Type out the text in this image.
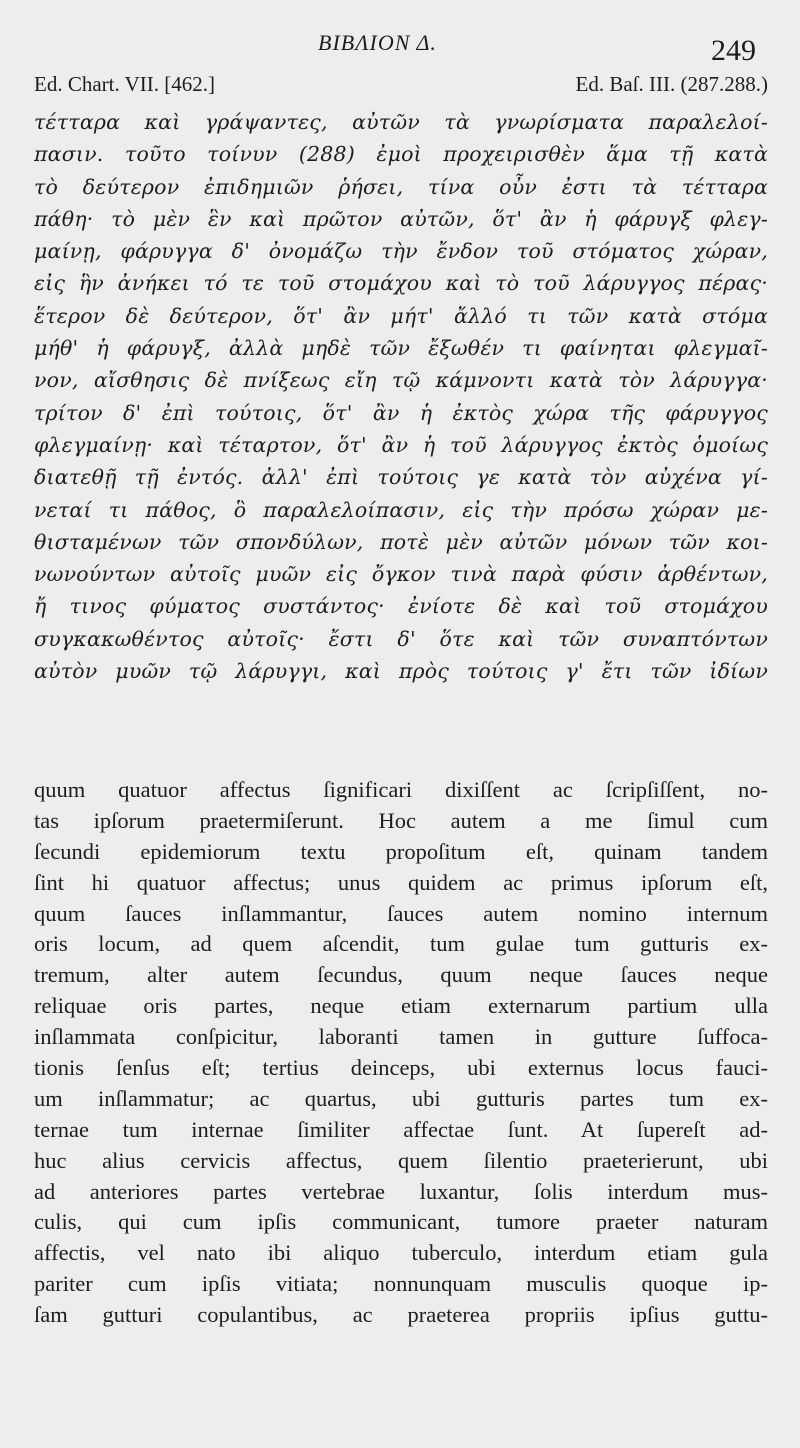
BIBΛΙΟΝ Δ.	249
Ed. Chart. VII. [462.]	Ed. Baſ. III. (287.288.)
τέτταρα καὶ γράψαντες, αὐτῶν τὰ γνωρίσματα παραλελοί-
πασιν. τοῦτο τοίνυν (288) ἐμοὶ προχειρισθὲν ἅμα τῇ κατὰ
τὸ δεύτερον ἐπιδημιῶν ῥήσει, τίνα οὖν ἐστι τὰ τέτταρα
πάθη· τὸ μὲν ἓν καὶ πρῶτον αὐτῶν, ὅτ' ἂν ἡ φάρυγξ φλεγ-
μαίνῃ, φάρυγγα δ' ὀνομάζω τὴν ἔνδον τοῦ στόματος χώραν,
εἰς ἣν ἀνήκει τό τε τοῦ στομάχου καὶ τὸ τοῦ λάρυγγος πέρας·
ἕτερον δὲ δεύτερον, ὅτ' ἂν μήτ' ἄλλό τι τῶν κατὰ στόμα
μήθ' ἡ φάρυγξ, ἀλλὰ μηδὲ τῶν ἔξωθέν τι φαίνηται φλεγμαῖ-
νον, αἴσθησις δὲ πνίξεως εἴη τῷ κάμνοντι κατὰ τὸν λάρυγγα·
τρίτον δ' ἐπὶ τούτοις, ὅτ' ἂν ἡ ἐκτὸς χώρα τῆς φάρυγγος
φλεγμαίνῃ· καὶ τέταρτον, ὅτ' ἂν ἡ τοῦ λάρυγγος ἐκτὸς ὁμοίως
διατεθῇ τῇ ἐντός. ἀλλ' ἐπὶ τούτοις γε κατὰ τὸν αὐχένα γί-
νεταί τι πάθος, ὃ παραλελοίπασιν, εἰς τὴν πρόσω χώραν με-
θισταμένων τῶν σπονδύλων, ποτὲ μὲν αὐτῶν μόνων τῶν κοι-
νωνούντων αὐτοῖς μυῶν εἰς ὄγκον τινὰ παρὰ φύσιν ἀρθέντων,
ἤ τινος φύματος συστάντος· ἐνίοτε δὲ καὶ τοῦ στομάχου
συγκακωθέντος αὐτοῖς· ἔστι δ' ὅτε καὶ τῶν συναπτόντων
αὐτὸν μυῶν τῷ λάρυγγι, καὶ πρὸς τούτοις γ' ἔτι τῶν ἰδίων
quum quatuor affectus ſignificari dixiſſent ac ſcripſiſſent, no-
tas ipſorum praetermiſerunt. Hoc autem a me ſimul cum
ſecundi epidemiorum textu propoſitum eſt, quinam tandem
ſint hi quatuor affectus; unus quidem ac primus ipſorum eſt,
quum ſauces inſlammantur, ſauces autem nomino internum
oris locum, ad quem aſcendit, tum gulae tum gutturis ex-
tremum, alter autem ſecundus, quum neque ſauces neque
reliquae oris partes, neque etiam externarum partium ulla
inſlammata conſpicitur, laboranti tamen in gutture ſuffoca-
tionis ſenſus eſt; tertius deinceps, ubi externus locus fauci-
um inſlammatur; ac quartus, ubi gutturis partes tum ex-
ternae tum internae ſimiliter affectae ſunt. At ſupereſt ad-
huc alius cervicis affectus, quem ſilentio praeterierunt, ubi
ad anteriores partes vertebrae luxantur, ſolis interdum mus-
culis, qui cum ipſis communicant, tumore praeter naturam
affectis, vel nato ibi aliquo tuberculo, interdum etiam gula
pariter cum ipſis vitiata; nonnunquam musculis quoque ip-
ſam gutturi copulantibus, ac praeterea propriis ipſius guttu-
